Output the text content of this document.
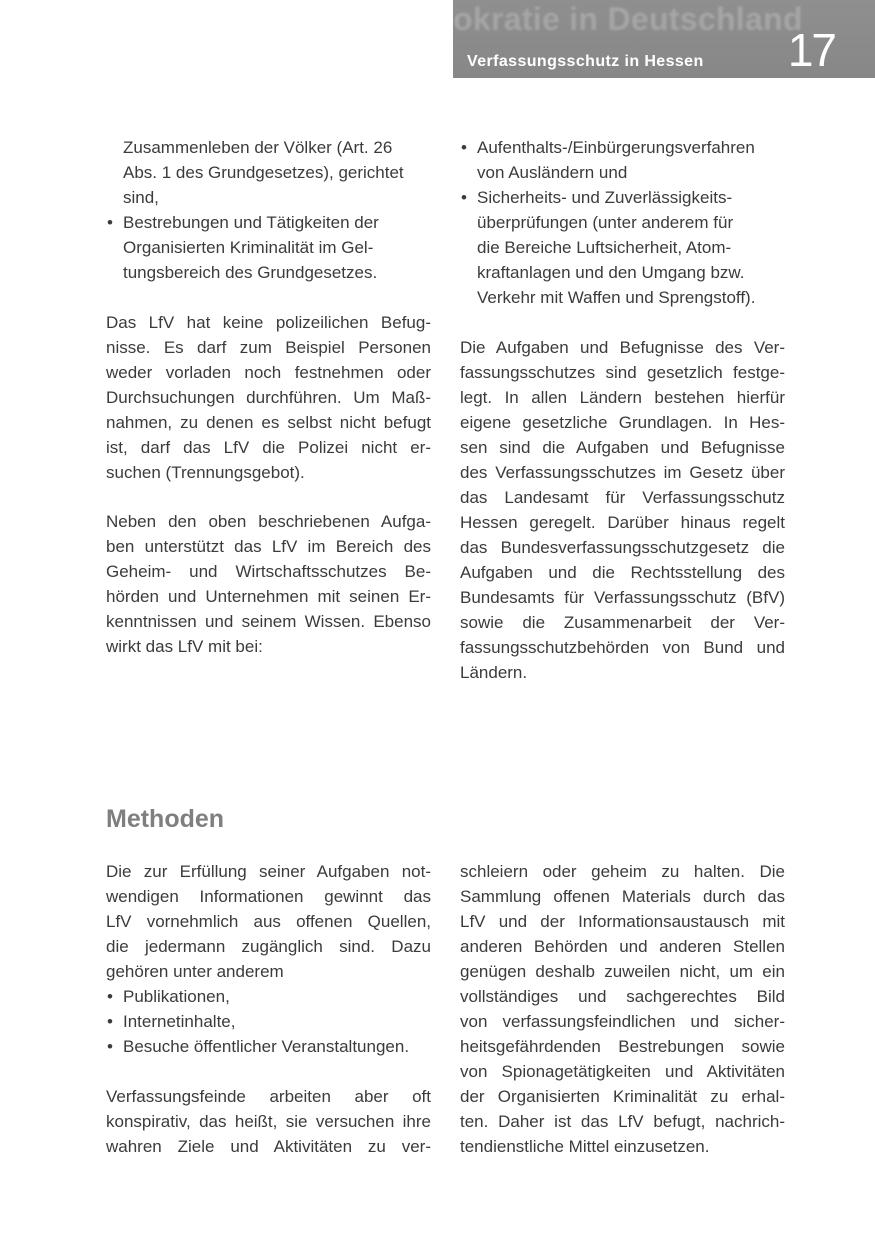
okratie in Deutschland
Verfassungsschutz in Hessen 17
Zusammenleben der Völker (Art. 26
Abs. 1 des Grundgesetzes), gerichtet
sind,
• Bestrebungen und Tätigkeiten der
Organisierten Kriminalität im Gel-
tungsbereich des Grundgesetzes.
Das LfV hat keine polizeilichen Befug-
nisse. Es darf zum Beispiel Personen
weder vorladen noch festnehmen oder
Durchsuchungen durchführen. Um Maß-
nahmen, zu denen es selbst nicht befugt
ist, darf das LfV die Polizei nicht er-
suchen (Trennungsgebot).
Neben den oben beschriebenen Aufga-
ben unterstützt das LfV im Bereich des
Geheim- und Wirtschaftsschutzes Be-
hörden und Unternehmen mit seinen Er-
kenntnissen und seinem Wissen. Ebenso
wirkt das LfV mit bei:
• Aufenthalts-/Einbürgerungsverfahren
von Ausländern und
• Sicherheits- und Zuverlässigkeits-
überprüfungen (unter anderem für
die Bereiche Luftsicherheit, Atom-
kraftanlagen und den Umgang bzw.
Verkehr mit Waffen und Sprengstoff).
Die Aufgaben und Befugnisse des Ver-
fassungsschutzes sind gesetzlich festge-
legt. In allen Ländern bestehen hierfür
eigene gesetzliche Grundlagen. In Hes-
sen sind die Aufgaben und Befugnisse
des Verfassungsschutzes im Gesetz über
das Landesamt für Verfassungsschutz
Hessen geregelt. Darüber hinaus regelt
das Bundesverfassungsschutzgesetz die
Aufgaben und die Rechtsstellung des
Bundesamts für Verfassungsschutz (BfV)
sowie die Zusammenarbeit der Ver-
fassungsschutzbehörden von Bund und
Ländern.
Methoden
Die zur Erfüllung seiner Aufgaben not-
wendigen Informationen gewinnt das
LfV vornehmlich aus offenen Quellen,
die jedermann zugänglich sind. Dazu
gehören unter anderem
• Publikationen,
• Internetinhalte,
• Besuche öffentlicher Veranstaltungen.
Verfassungsfeinde arbeiten aber oft
konspirativ, das heißt, sie versuchen ihre
wahren Ziele und Aktivitäten zu ver-
schleiern oder geheim zu halten. Die
Sammlung offenen Materials durch das
LfV und der Informationsaustausch mit
anderen Behörden und anderen Stellen
genügen deshalb zuweilen nicht, um ein
vollständiges und sachgerechtes Bild
von verfassungsfeindlichen und sicher-
heitsgefährdenden Bestrebungen sowie
von Spionagetätigkeiten und Aktivitäten
der Organisierten Kriminalität zu erhal-
ten. Daher ist das LfV befugt, nachrich-
tendienstliche Mittel einzusetzen.
